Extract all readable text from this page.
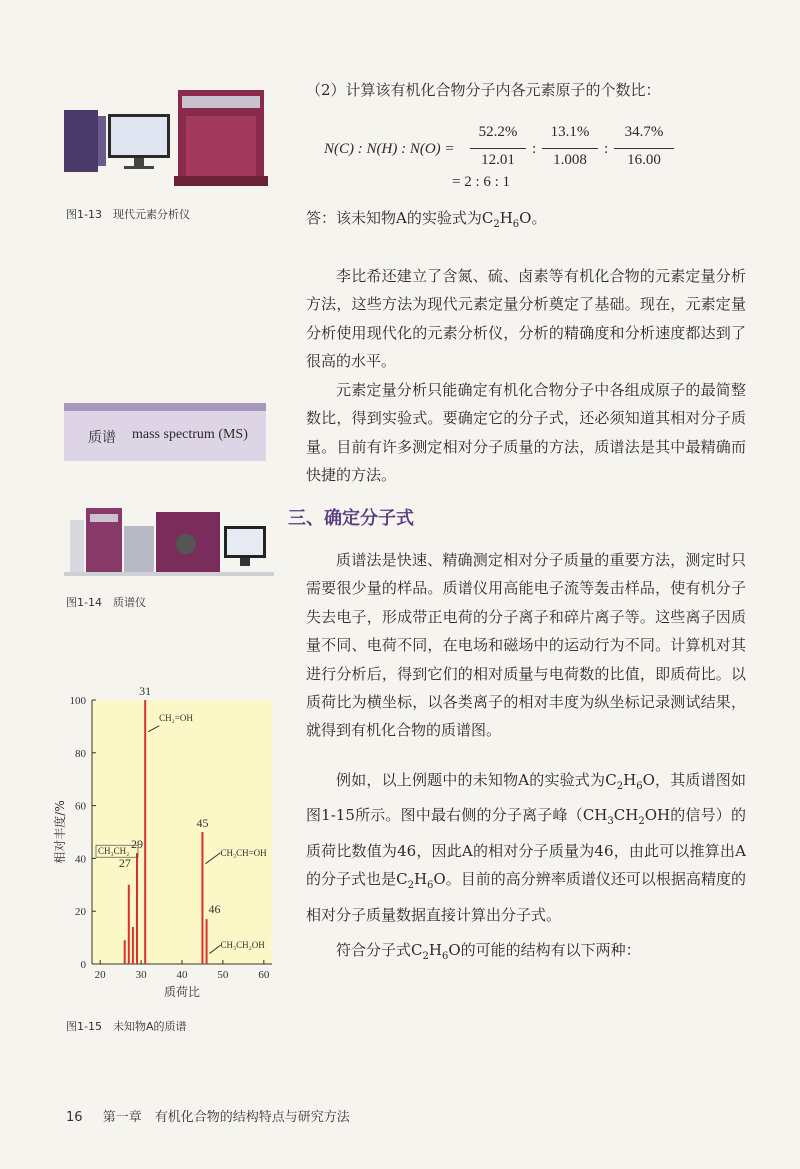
图1-13　现代元素分析仪
（2）计算该有机化合物分子内各元素原子的个数比：
N(C) : N(H) : N(O) =
52.2%
12.01
:
13.1%
1.008
:
34.7%
16.00
= 2 : 6 : 1
答：该未知物A的实验式为$C_2H_6O$。

李比希还建立了含氮、硫、卤素等有机化合物的元素定量分析方法，这些方法为现代元素定量分析奠定了基础。现在，元素定量分析使用现代化的元素分析仪，分析的精确度和分析速度都达到了很高的水平。

元素定量分析只能确定有机化合物分子中各组成原子的最简整数比，得到实验式。要确定它的分子式，还必须知道其相对分子质量。目前有许多测定相对分子质量的方法，质谱法是其中最精确而快捷的方法。

质谱 mass spectrum (MS)
三、确定分子式
图1-14　质谱仪

质谱法是快速、精确测定相对分子质量的重要方法，测定时只需要很少量的样品。质谱仪用高能电子流等轰击样品，使有机分子失去电子，形成带正电荷的分子离子和碎片离子等。这些离子因质量不同、电荷不同，在电场和磁场中的运动行为不同。计算机对其进行分析后，得到它们的相对质量与电荷数的比值，即质荷比。以质荷比为横坐标，以各类离子的相对丰度为纵坐标记录测试结果，就得到有机化合物的质谱图。

例如，以上例题中的未知物A的实验式为$C_2H_6O$，其质谱图如图1-15所示。图中最右侧的分子离子峰（$CH_3CH_2OH$的信号）的质荷比数值为46，因此A的相对分子质量为46，由此可以推算出A的分子式也是$C_2H_6O$。目前的高分辨率质谱仪还可以根据高精度的相对分子质量数据直接计算出分子式。

符合分子式$C_2H_6O$的可能的结构有以下两种：

0
20
40
60
80
100
20	30	40	50	60
27
29
31
45
46
CH₂=OH
CH₃CH₂	CH₃CH=OH
CH₃CH₂OH
质荷比
相对丰度/%
图1-15　未知物A的质谱
16 第一章　有机化合物的结构特点与研究方法
